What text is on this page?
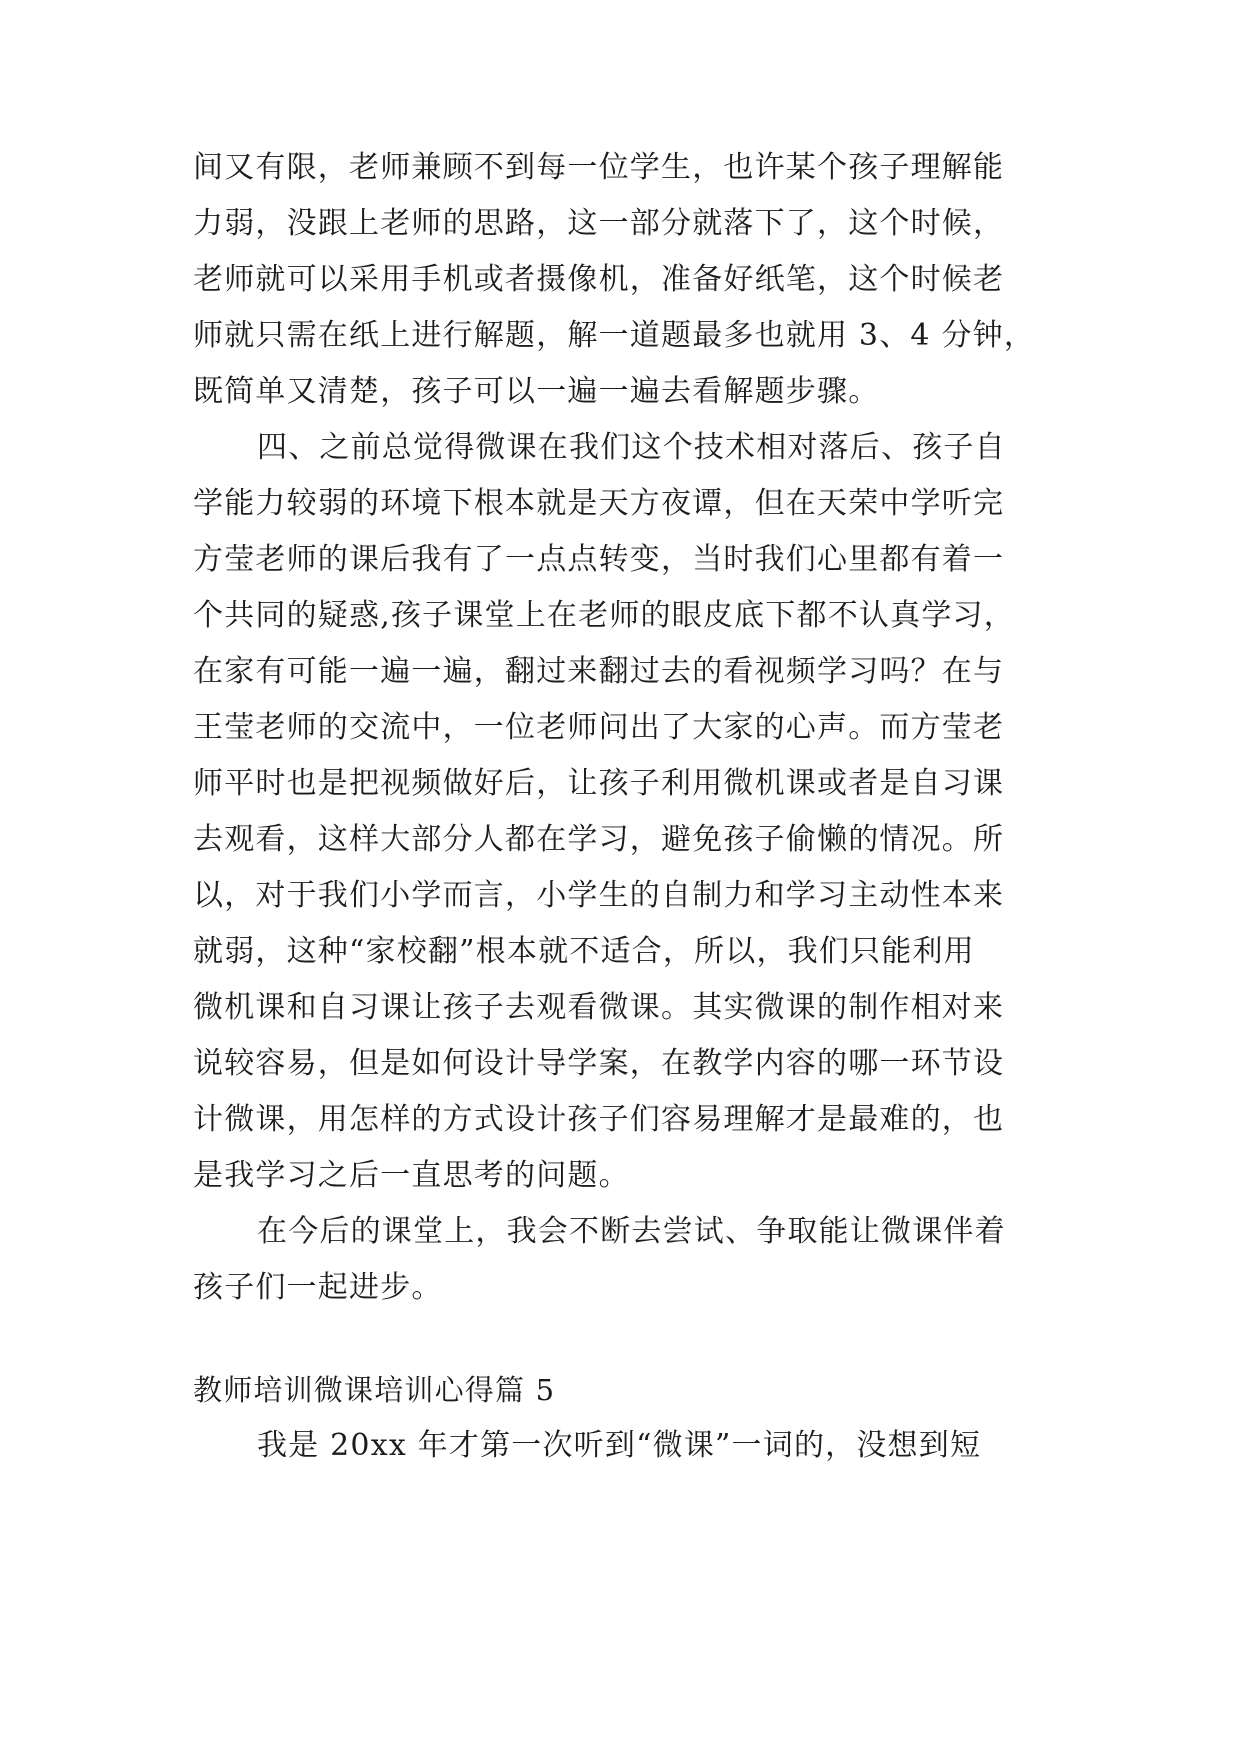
间又有限，老师兼顾不到每一位学生，也许某个孩子理解能
力弱，没跟上老师的思路，这一部分就落下了，这个时候，
老师就可以采用手机或者摄像机，准备好纸笔，这个时候老
师就只需在纸上进行解题，解一道题最多也就用 3、4 分钟，
既简单又清楚，孩子可以一遍一遍去看解题步骤。
四、之前总觉得微课在我们这个技术相对落后、孩子自
学能力较弱的环境下根本就是天方夜谭，但在天荣中学听完
方莹老师的课后我有了一点点转变，当时我们心里都有着一
个共同的疑惑,孩子课堂上在老师的眼皮底下都不认真学习，
在家有可能一遍一遍，翻过来翻过去的看视频学习吗？在与
王莹老师的交流中，一位老师问出了大家的心声。而方莹老
师平时也是把视频做好后，让孩子利用微机课或者是自习课
去观看，这样大部分人都在学习，避免孩子偷懒的情况。所
以，对于我们小学而言，小学生的自制力和学习主动性本来
就弱，这种“家校翻”根本就不适合，所以，我们只能利用
微机课和自习课让孩子去观看微课。其实微课的制作相对来
说较容易，但是如何设计导学案，在教学内容的哪一环节设
计微课，用怎样的方式设计孩子们容易理解才是最难的，也
是我学习之后一直思考的问题。
在今后的课堂上，我会不断去尝试、争取能让微课伴着
孩子们一起进步。
教师培训微课培训心得篇 5
我是 20xx 年才第一次听到“微课”一词的，没想到短
